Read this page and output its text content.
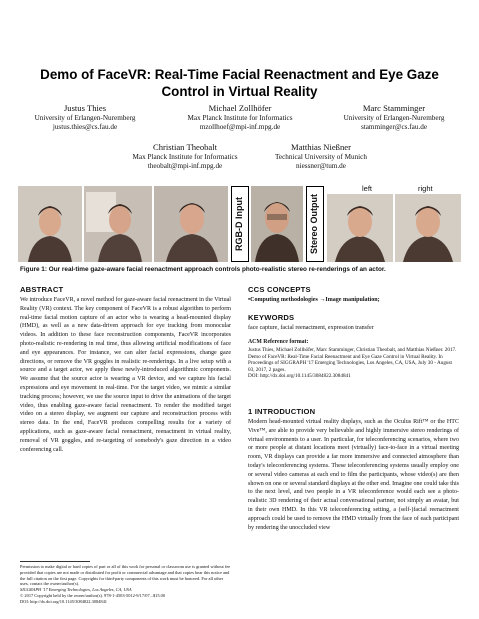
Demo of FaceVR: Real-Time Facial Reenactment and Eye Gaze
Control in Virtual Reality
Justus Thies
University of Erlangen-Nuremberg
justus.thies@cs.fau.de
Michael Zollhöfer
Max Planck Institute for Informatics
mzollhoef@mpi-inf.mpg.de
Marc Stamminger
University of Erlangen-Nuremberg
stamminger@cs.fau.de
Christian Theobalt
Max Planck Institute for Informatics
theobalt@mpi-inf.mpg.de
Matthias Nießner
Technical University of Munich
niessner@tum.de
RGB-D Input	Stereo Output
left	right
Figure 1: Our real-time gaze-aware facial reenactment approach controls photo-realistic stereo re-renderings of an actor.
ABSTRACT
We introduce FaceVR, a novel method for gaze-aware facial reenactment in the Virtual Reality (VR) context. The key component of FaceVR is a robust algorithm to perform real-time facial motion capture of an actor who is wearing a head-mounted display (HMD), as well as a new data-driven approach for eye tracking from monocular videos. In addition to these face reconstruction components, FaceVR incorporates photo-realistic re-rendering in real time, thus allowing artificial modifications of face and eye appearances. For instance, we can alter facial expressions, change gaze directions, or remove the VR goggles in realistic re-renderings. In a live setup with a source and a target actor, we apply these newly-introduced algorithmic components. We assume that the source actor is wearing a VR device, and we capture his facial expressions and eye movement in real-time. For the target video, we mimic a similar tracking process; however, we use the source input to drive the animations of the target video, thus enabling gaze-aware facial reenactment. To render the modified target video on a stereo display, we augment our capture and reconstruction process with stereo data. In the end, FaceVR produces compelling results for a variety of applications, such as gaze-aware facial reenactment, reenactment in virtual reality, removal of VR goggles, and re-targeting of somebody's gaze direction in a video conferencing call.
Permission to make digital or hard copies of part or all of this work for personal or classroom use is granted without fee provided that copies are not made or distributed for profit or commercial advantage and that copies bear this notice and the full citation on the first page. Copyrights for third-party components of this work must be honored. For all other uses, contact the owner/author(s).
SIGGRAPH '17 Emerging Technologies, Los Angeles, CA, USA
© 2017 Copyright held by the owner/author(s). 978-1-4503-5012-9/17/07...$15.00
DOI: http://dx.doi.org/10.1145/3084822.3084841
CCS CONCEPTS
•Computing methodologies →Image manipulation;
KEYWORDS
face capture, facial reenactment, expression transfer
ACM Reference format:
Justus Thies, Michael Zollhöfer, Marc Stamminger, Christian Theobalt, and Matthias Nießner. 2017. Demo of FaceVR: Real-Time Facial Reenactment and Eye Gaze Control in Virtual Reality. In Proceedings of SIGGRAPH '17 Emerging Technologies, Los Angeles, CA, USA, July 30 - August 03, 2017, 2 pages.
DOI: http://dx.doi.org/10.1145/3084822.3084841
1 INTRODUCTION
Modern head-mounted virtual reality displays, such as the Oculus Rift™ or the HTC Vive™, are able to provide very believable and highly immersive stereo renderings of virtual environments to a user. In particular, for teleconferencing scenarios, where two or more people at distant locations meet (virtually) face-to-face in a virtual meeting room, VR displays can provide a far more immersive and connected atmosphere than today's teleconferencing systems. These teleconferencing systems usually employ one or several video cameras at each end to film the participants, whose video(s) are then shown on one or several standard displays at the other end. Imagine one could take this to the next level, and two people in a VR teleconference would each see a photo-realistic 3D rendering of their actual conversational partner, not simply an avatar, but in their own HMD. In this VR teleconferencing setting, a (self-)facial reenactment approach could be used to remove the HMD virtually from the face of each participant by rendering the unoccluded view
